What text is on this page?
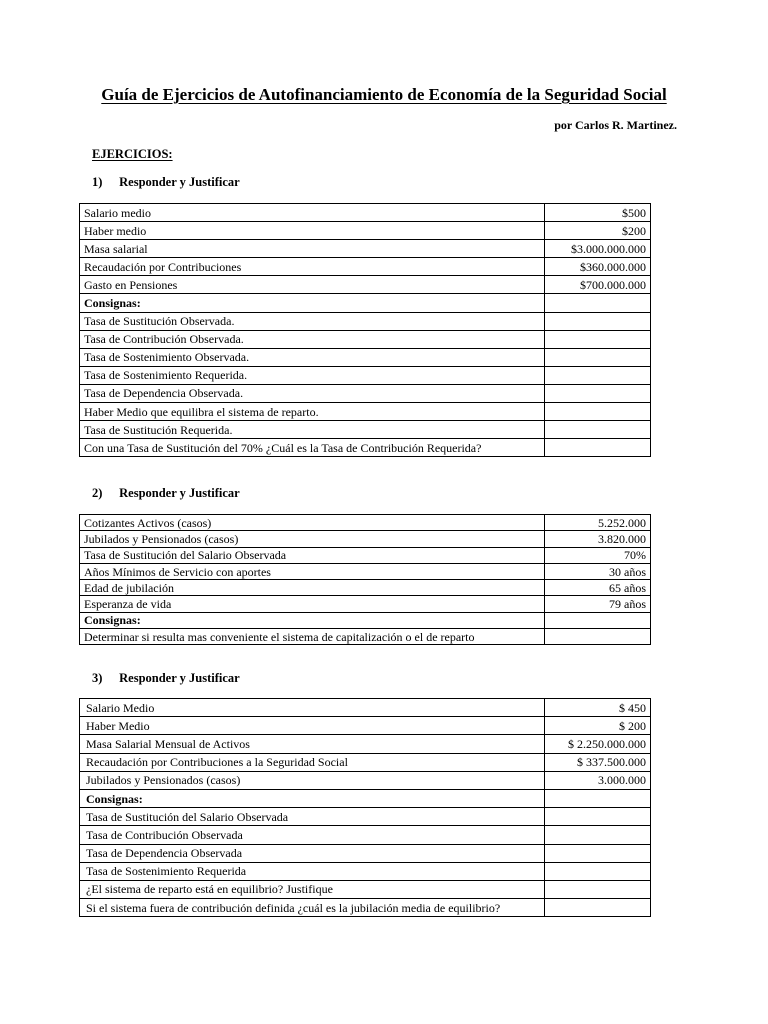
Guía de Ejercicios de Autofinanciamiento de Economía de la Seguridad Social
por Carlos R. Martinez.
EJERCICIOS:
1) Responder y Justificar
Salario medio	$500
Haber medio	$200
Masa salarial	$3.000.000.000
Recaudación por Contribuciones	$360.000.000
Gasto en Pensiones	$700.000.000
Consignas:	
Tasa de Sustitución Observada.	
Tasa de Contribución Observada.	
Tasa de Sostenimiento Observada.	
Tasa de Sostenimiento Requerida.	
Tasa de Dependencia Observada.	
Haber Medio que equilibra el sistema de reparto.	
Tasa de Sustitución Requerida.	
Con una Tasa de Sustitución del 70% ¿Cuál es la Tasa de Contribución Requerida?	
2) Responder y Justificar
Cotizantes Activos (casos)	5.252.000
Jubilados y Pensionados (casos)	3.820.000
Tasa de Sustitución del Salario Observada	70%
Años Mínimos de Servicio con aportes	30 años
Edad de jubilación	65 años
Esperanza de vida	79 años
Consignas:	
Determinar si resulta mas conveniente el sistema de capitalización o el de reparto	
3) Responder y Justificar
Salario Medio	$ 450
Haber Medio	$ 200
Masa Salarial Mensual de Activos	$ 2.250.000.000
Recaudación por Contribuciones a la Seguridad Social	$ 337.500.000
Jubilados y Pensionados (casos)	3.000.000
Consignas:	
Tasa de Sustitución del Salario Observada	
Tasa de Contribución Observada	
Tasa de Dependencia Observada	
Tasa de Sostenimiento Requerida	
¿El sistema de reparto está en equilibrio? Justifique	
Si el sistema fuera de contribución definida ¿cuál es la jubilación media de equilibrio?	
